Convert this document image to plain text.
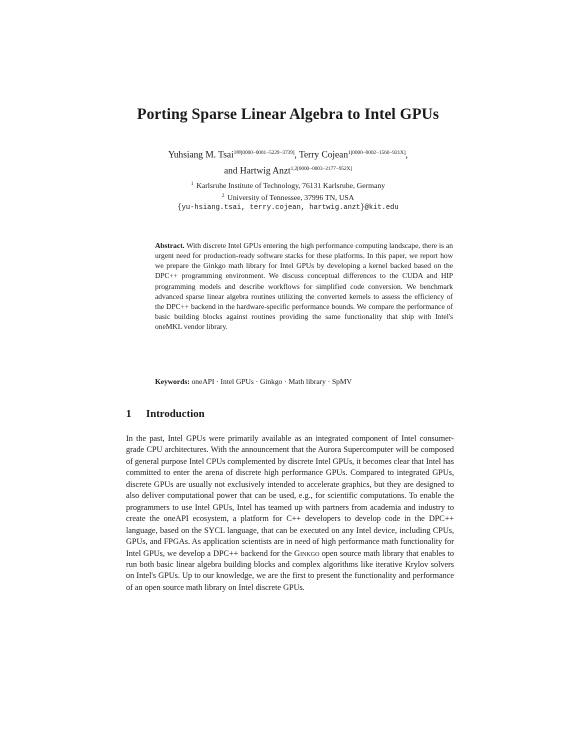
Porting Sparse Linear Algebra to Intel GPUs
Yuhsiang M. Tsai$^{1✉[0000-0001-5229-3739]}$, Terry Cojean$^{1[0000-0002-1560-921X]}$,
and Hartwig Anzt$^{1,2[0000-0003-2177-952X]}$
$^1$ Karlsruhe Institute of Technology, 76131 Karlsruhe, Germany
$^2$ University of Tennessee, 37996 TN, USA
{yu-hsiang.tsai, terry.cojean, hartwig.anzt}@kit.edu
Abstract. With discrete Intel GPUs entering the high performance computing landscape, there is an urgent need for production-ready software stacks for these platforms. In this paper, we report how we prepare the Ginkgo math library for Intel GPUs by developing a kernel backed based on the DPC++ programming environment. We discuss conceptual differences to the CUDA and HIP programming models and describe workflows for simplified code conversion. We benchmark advanced sparse linear algebra routines utilizing the converted kernels to assess the efficiency of the DPC++ backend in the hardware-specific performance bounds. We compare the performance of basic building blocks against routines providing the same functionality that ship with Intel's oneMKL vendor library.
Keywords: oneAPI · Intel GPUs · Ginkgo · Math library · SpMV
1 Introduction
In the past, Intel GPUs were primarily available as an integrated component of Intel consumer-grade CPU architectures. With the announcement that the Aurora Supercomputer will be composed of general purpose Intel CPUs complemented by discrete Intel GPUs, it becomes clear that Intel has committed to enter the arena of discrete high performance GPUs. Compared to integrated GPUs, discrete GPUs are usually not exclusively intended to accelerate graphics, but they are designed to also deliver computational power that can be used, e.g., for scientific computations. To enable the programmers to use Intel GPUs, Intel has teamed up with partners from academia and industry to create the oneAPI ecosystem, a platform for C++ developers to develop code in the DPC++ language, based on the SYCL language, that can be executed on any Intel device, including CPUs, GPUs, and FPGAs. As application scientists are in need of high performance math functionality for Intel GPUs, we develop a DPC++ backend for the Ginkgo open source math library that enables to run both basic linear algebra building blocks and complex algorithms like iterative Krylov solvers on Intel's GPUs. Up to our knowledge, we are the first to present the functionality and performance of an open source math library on Intel discrete GPUs.
